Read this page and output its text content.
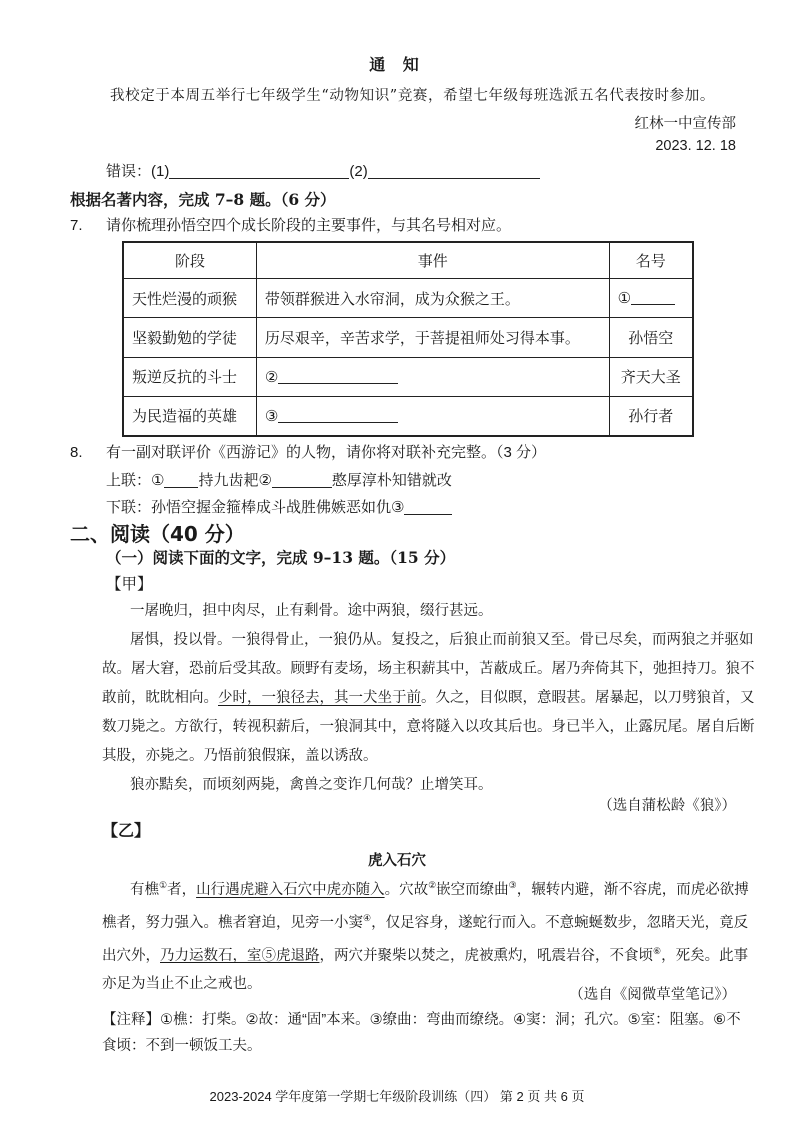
通 知
我校定于本周五举行七年级学生“动物知识”竞赛，希望七年级每班选派五名代表按时参加。
红林一中宣传部
2023. 12. 18
错误：(1)	(2)
根据名著内容，完成 7–8 题。（6 分）
7. 请你梳理孙悟空四个成长阶段的主要事件，与其名号相对应。
阶段	事件	名号
天性烂漫的顽猴	带领群猴进入水帘洞，成为众猴之王。	①
坚毅勤勉的学徒	历尽艰辛，辛苦求学，于菩提祖师处习得本事。	孙悟空
叛逆反抗的斗士	②	齐天大圣
为民造福的英雄	③	孙行者
8. 有一副对联评价《西游记》的人物，请你将对联补充完整。（3 分）
上联：① 持九齿耙②	憨厚淳朴知错就改
下联：孙悟空握金箍棒成斗战胜佛嫉恶如仇③
二、阅读（40 分）
（一）阅读下面的文字，完成 9–13 题。（15 分）
【甲】
一屠晚归，担中肉尽，止有剩骨。途中两狼，缀行甚远。
屠惧，投以骨。一狼得骨止，一狼仍从。复投之，后狼止而前狼又至。骨已尽矣，而两狼之并驱如故。屠大窘，恐前后受其敌。顾野有麦场，场主积薪其中，苫蔽成丘。屠乃奔倚其下，弛担持刀。狼不敢前，眈眈相向。少时，一狼径去，其一犬坐于前。久之，目似瞑，意暇甚。屠暴起，以刀劈狼首，又数刀毙之。方欲行，转视积薪后，一狼洞其中，意将隧入以攻其后也。身已半入，止露尻尾。屠自后断其股，亦毙之。乃悟前狼假寐，盖以诱敌。
狼亦黠矣，而顷刻两毙，禽兽之变诈几何哉？止增笑耳。
（选自蒲松龄《狼》）
【乙】
虎入石穴
有樵①者，山行遇虎避入石穴中虎亦随入。穴故②嵌空而缭曲③，辗转内避，渐不容虎，而虎必欲搏樵者，努力强入。樵者窘迫，见旁一小窦④，仅足容身，遂蛇行而入。不意蜿蜒数步，忽睹天光，竟反出穴外，乃力运数石，室⑤虎退路，两穴并聚柴以焚之，虎被熏灼，吼震岩谷，不食顷⑥，死矣。此事亦足为当止不止之戒也。
（选自《阅微草堂笔记》）
【注释】①樵：打柴。②故：通“固”本来。③缭曲：弯曲而缭绕。④窦：洞；孔穴。⑤室：阻塞。⑥不食顷：不到一顿饭工夫。
2023-2024 学年度第一学期七年级阶段训练（四） 第 2 页 共 6 页
